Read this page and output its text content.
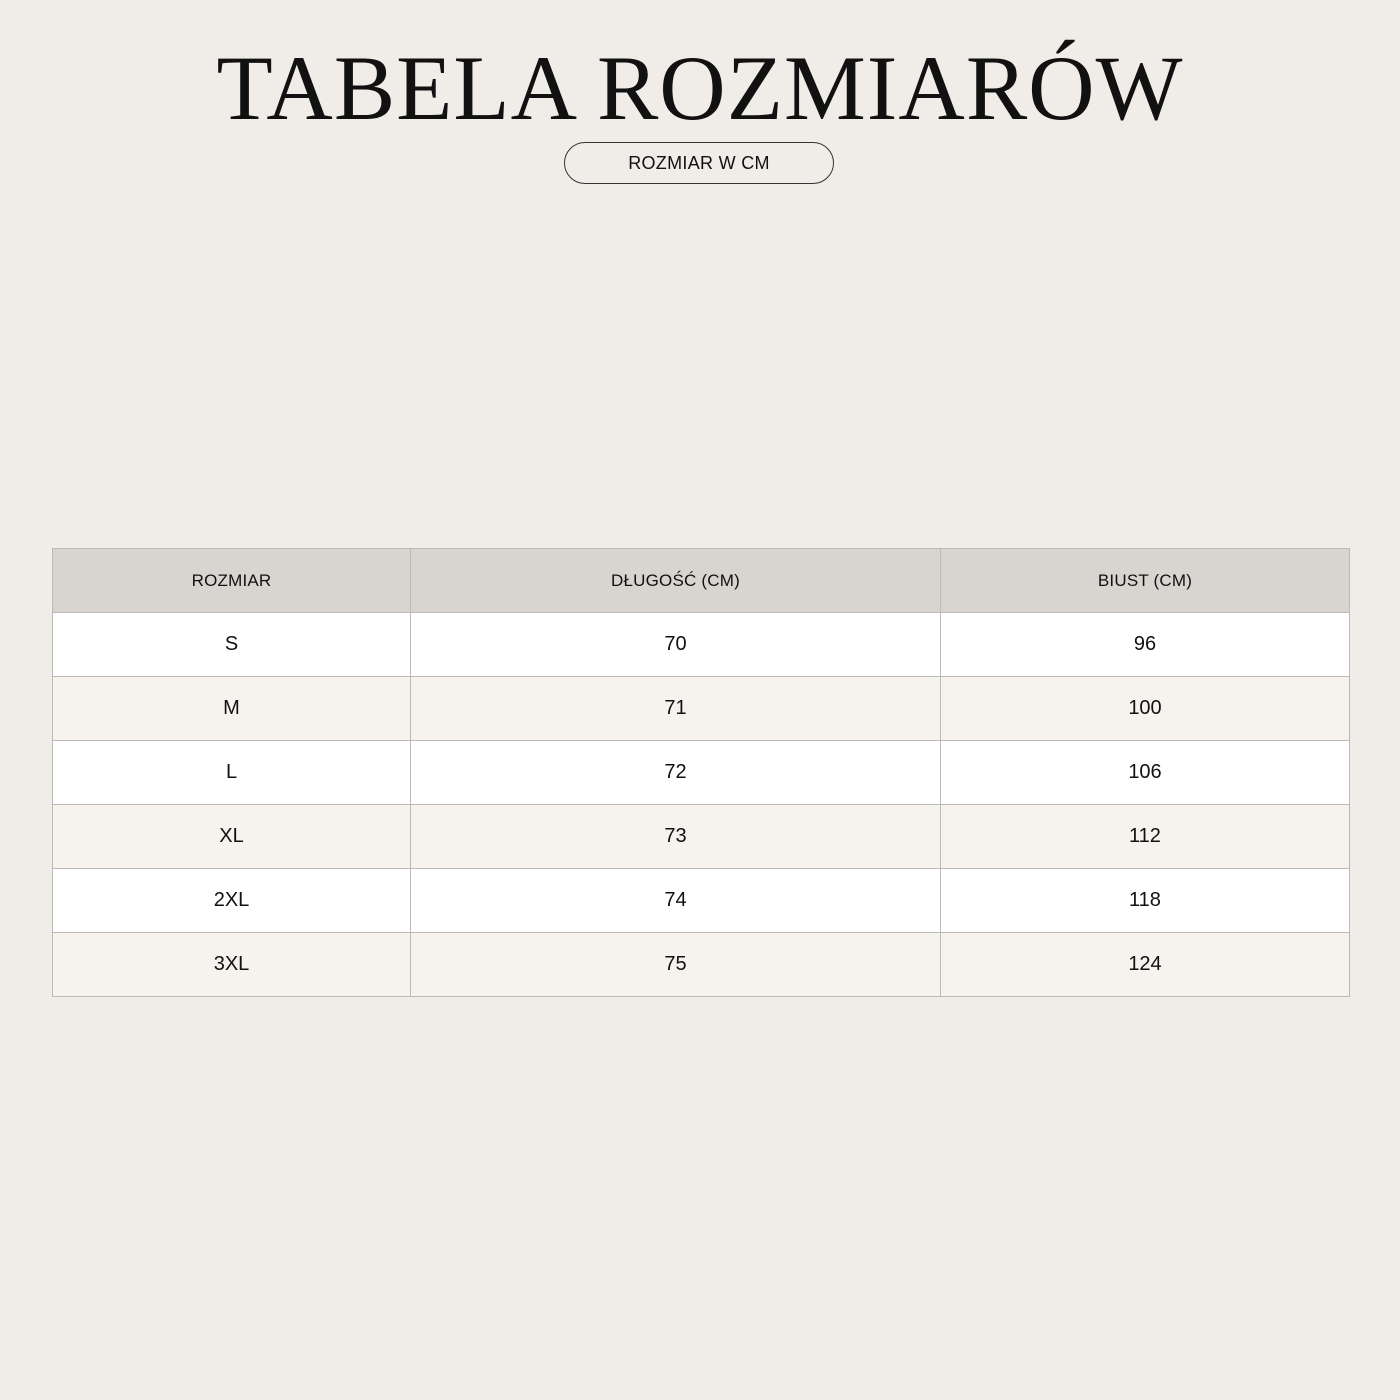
TABELA ROZMIARÓW
ROZMIAR W CM
ROZMIAR	DŁUGOŚĆ (CM)	BIUST (CM)
S	70	96
M	71	100
L	72	106
XL	73	112
2XL	74	118
3XL	75	124
